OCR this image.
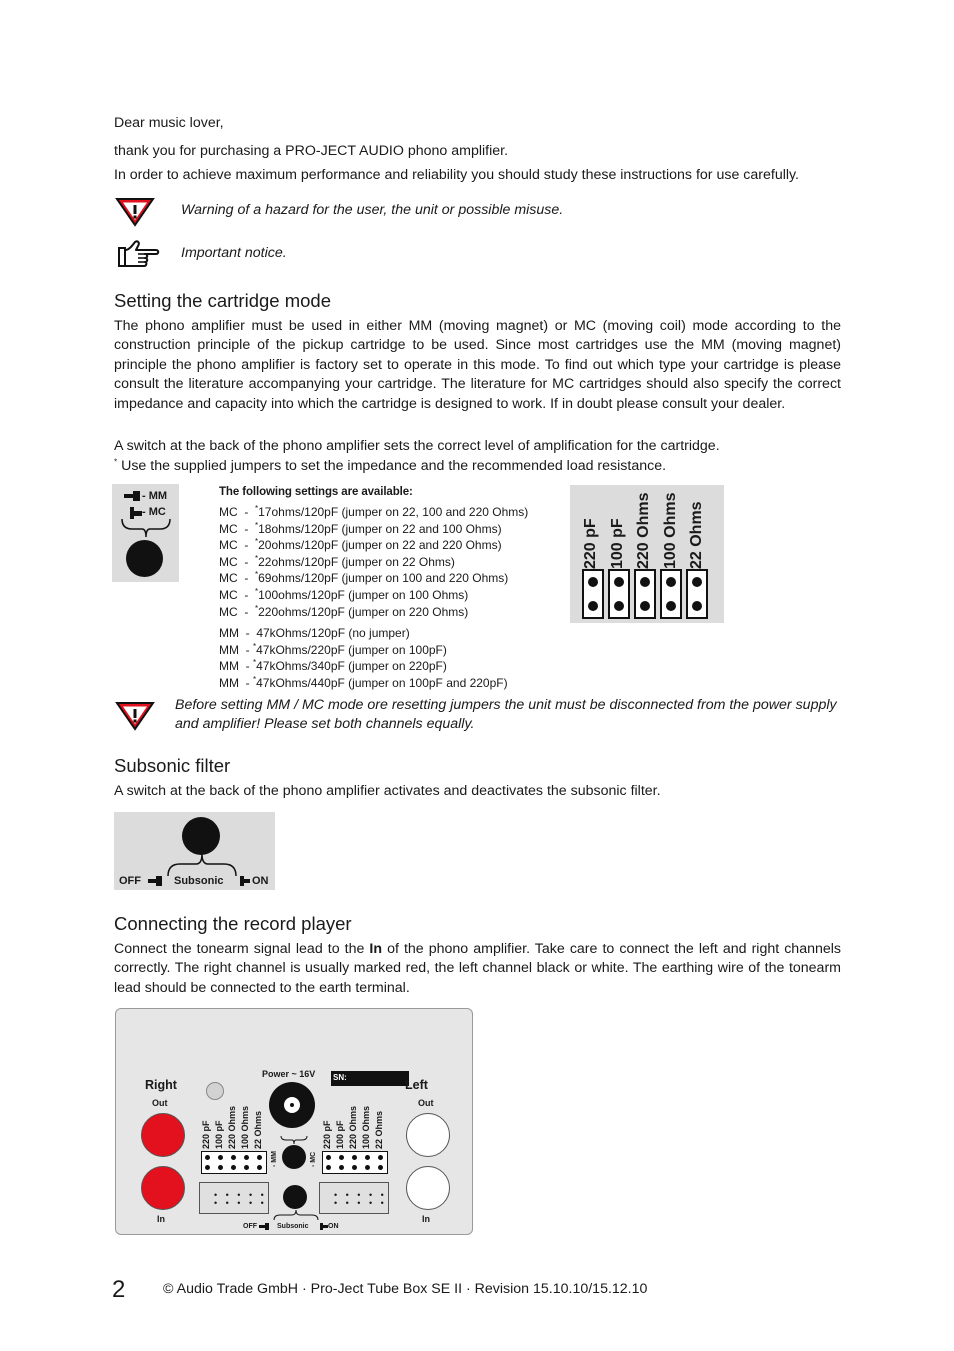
Dear music lover,
thank you for purchasing a PRO-JECT AUDIO phono amplifier.
In order to achieve maximum performance and reliability you should study these instructions for use carefully.
Warning of a hazard for the user, the unit or possible misuse.
Important notice.
Setting the cartridge mode
The phono amplifier must be used in either MM (moving magnet) or MC (moving coil) mode according to the construction principle of the pickup cartridge to be used. Since most cartridges use the MM (moving magnet) principle the phono amplifier is factory set to operate in this mode. To find out which type your cartridge is please consult the literature accompanying your cartridge. The literature for MC cartridges should also specify the correct impedance and capacity into which the cartridge is designed to work. If in doubt please consult your dealer.
A switch at the back of the phono amplifier sets the correct level of amplification for the cartridge.
* Use the supplied jumpers to set the impedance and the recommended load resistance.
- MM
- MC
The following settings are available:
MC  -  *17ohms/120pF (jumper on 22, 100 and 220 Ohms)
MC  -  *18ohms/120pF (jumper on 22 and 100 Ohms)
MC  -  *20ohms/120pF (jumper on 22 and 220 Ohms)
MC  -  *22ohms/120pF (jumper on 22 Ohms)
MC  -  *69ohms/120pF (jumper on 100 and 220 Ohms)
MC  -  *100ohms/120pF (jumper on 100 Ohms)
MC  -  *220ohms/120pF (jumper on 220 Ohms)
MM  -  47kOhms/120pF (no jumper)
MM  - *47kOhms/220pF (jumper on 100pF)
MM  - *47kOhms/340pF (jumper on 220pF)
MM  - *47kOhms/440pF (jumper on 100pF and 220pF)
220 pF 100 pF 220 Ohms 100 Ohms 22 Ohms
Before setting MM / MC mode ore resetting jumpers the unit must be disconnected from the power supply and amplifier! Please set both channels equally.
Subsonic filter
A switch at the back of the phono amplifier activates and deactivates the subsonic filter.
OFF	Subsonic	ON
Connecting the record player
Connect the tonearm signal lead to the In of the phono amplifier. Take care to connect the left and right channels correctly. The right channel is usually marked red, the left channel black or white. The earthing wire of the tonearm lead should be connected to the earth terminal.
Right
Out
In
Power ~ 16V SN:
Left
Out
In
220 pF 100 pF 220 Ohms 100 Ohms 22 Ohms	220 pF 100 pF 220 Ohms 100 Ohms 22 Ohms
- MM	- MC
• • • • •
• • • • •
• • • • •
• • • • •
OFF	Subsonic	ON
2	© Audio Trade GmbH · Pro-Ject Tube Box SE II · Revision 15.10.10/15.12.10
